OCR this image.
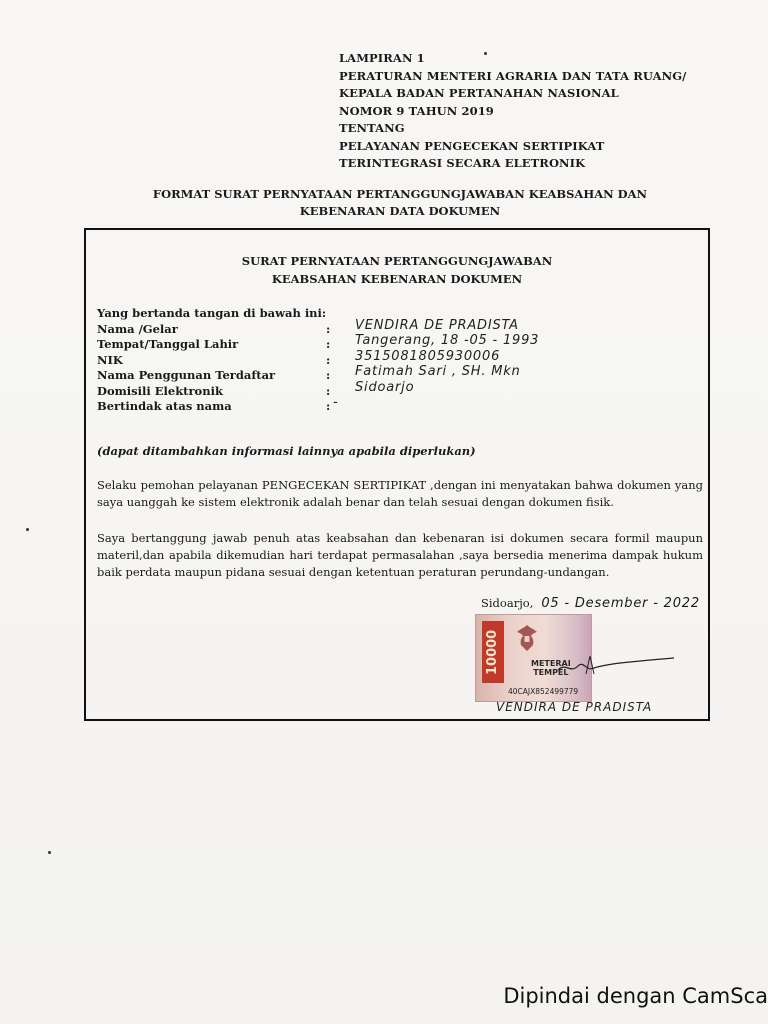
LAMPIRAN 1
PERATURAN MENTERI AGRARIA DAN TATA RUANG/
KEPALA BADAN PERTANAHAN NASIONAL
NOMOR 9 TAHUN 2019
TENTANG
PELAYANAN PENGECEKAN SERTIPIKAT
TERINTEGRASI SECARA ELETRONIK
FORMAT SURAT PERNYATAAN PERTANGGUNGJAWABAN KEABSAHAN DAN
KEBENARAN DATA DOKUMEN
SURAT PERNYATAAN PERTANGGUNGJAWABAN
KEABSAHAN KEBENARAN DOKUMEN
Yang bertanda tangan di bawah ini:
Nama /Gelar	: VENDIRA DE PRADISTA
Tempat/Tanggal Lahir	: Tangerang, 18 -05 - 1993
NIK	: 3515081805930006
Nama Penggunan Terdaftar	: Fatimah Sari , SH. Mkn
Domisili Elektronik	: Sidoarjo
Bertindak atas nama	: -
(dapat ditambahkan informasi lainnya apabila diperlukan)
Selaku pemohan pelayanan PENGECEKAN SERTIPIKAT ,dengan ini menyatakan bahwa dokumen yang saya uanggah ke sistem elektronik adalah benar dan telah sesuai dengan dokumen fisik.
Saya bertanggung jawab penuh atas keabsahan dan kebenaran isi dokumen secara formil maupun materil,dan apabila dikemudian hari terdapat permasalahan ,saya bersedia menerima dampak hukum baik perdata maupun pidana sesuai dengan ketentuan peraturan perundang-undangan.
Sidoarjo, 05 - Desember - 2022
10000	METERAI
TEMPEL
40CAJX852499779
VENDIRA DE PRADISTA
Dipindai dengan CamSca
